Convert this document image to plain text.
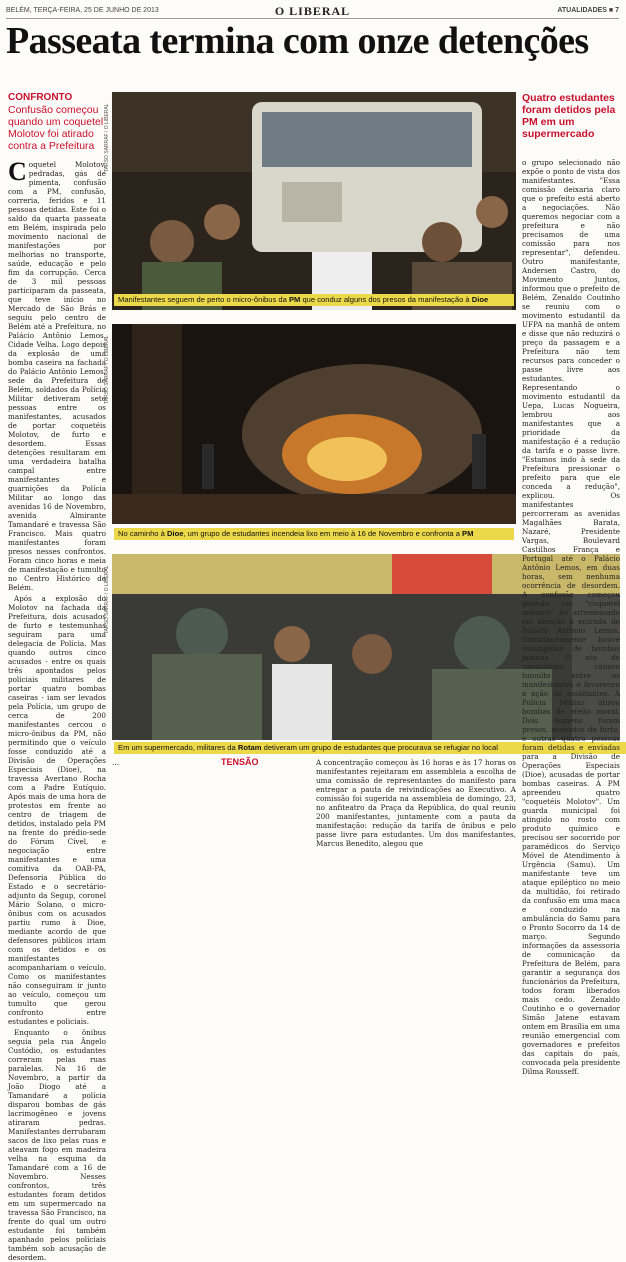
BELÉM, TERÇA-FEIRA, 25 DE JUNHO DE 2013	O LIBERAL	ATUALIDADES ■ 7
Passeata termina com onze detenções
CONFRONTO
Confusão começou quando um coquetel Molotov foi atirado contra a Prefeitura

Coquetel Molotov, pedradas, gás de pimenta, confusão com a PM, confusão, correria, feridos e 11 pessoas detidas. Este foi o saldo da quarta passeata em Belém, inspirada pelo movimento nacional de manifestações por melhorias no transporte, saúde, educação e pelo fim da corrupção. Cerca de 3 mil pessoas participaram da passeata, que teve início no Mercado de São Brás e seguiu pelo centro de Belém até a Prefeitura, no Palácio Antônio Lemos, Cidade Velha. Logo depois da explosão de uma bomba caseira na fachada do Palácio Antônio Lemos, sede da Prefeitura de Belém, soldados da Polícia Militar detiveram sete pessoas entre os manifestantes, acusados de portar coquetéis Molotov, de furto e desordem. Essas detenções resultaram em uma verdadeira batalha campal entre manifestantes e guarnições da Polícia Militar ao longo das avenidas 16 de Novembro, avenida Almirante Tamandaré e travessa São Francisco. Mais quatro manifestantes foram presos nesses confrontos. Foram cinco horas e meia de manifestação e tumulto no Centro Histórico de Belém.

Após a explosão do Molotov na fachada da Prefeitura, dois acusados de furto e testemunhas seguiram para uma delegacia de Polícia. Mas quando outros cinco acusados - entre os quais três apontados pelos policiais militares de portar quatro bombas caseiras - iam ser levados pela Polícia, um grupo de cerca de 200 manifestantes cercou o micro-ônibus da PM, não permitindo que o veículo fosse conduzido até a Divisão de Operações Especiais (Dioe), na travessa Avertano Rocha com a Padre Eutíquio. Após mais de uma hora de protestos em frente ao centro de triagem de detidos, instalado pela PM na frente do prédio-sede do Fórum Cível, e negociação entre manifestantes e uma comitiva da OAB-PA, Defensoria Pública do Estado e o secretário-adjunto da Segup, coronel Mário Solano, o micro-ônibus com os acusados partiu rumo à Dioe, mediante acordo de que defensores públicos iriam com os detidos e os manifestantes acompanhariam o veículo. Como os manifestantes não conseguiram ir junto ao veículo, começou um tumulto que gerou confronto entre estudantes e policiais.

Enquanto o ônibus seguia pela rua Ângelo Custódio, os estudantes correram pelas ruas paralelas. Na 16 de Novembro, a partir da João Diogo até a Tamandaré a polícia disparou bombas de gás lacrimogêneo e jovens atiraram pedras. Manifestantes derrubaram sacos de lixo pelas ruas e ateavam fogo em madeira velha na esquina da Tamandaré com a 16 de Novembro. Nesses confrontos, três estudantes foram detidos em um supermercado na travessa São Francisco, na frente do qual um outro estudante foi também apanhado pelos policiais também sob acusação de desordem.

TARSO SARRAF / O LIBERAL
Manifestantes seguem de perto o micro-ônibus da PM que conduz alguns dos presos da manifestação à Dioe
TARSO SARRAF / O LIBERAL
No caminho à Dioe, um grupo de estudantes incendeia lixo em meio à 16 de Novembro e confronta a PM
TARSO SARRAF / O LIBERAL
Em um supermercado, militares da Rotam detiveram um grupo de estudantes que procurava se refugiar no local

…	TENSÃO	A concentração começou às 16 horas e às 17 horas os manifestantes rejeitaram em assembleia a escolha de uma comissão de representantes do manifesto para entregar a pauta de reivindicações ao Executivo. A comissão foi sugerida na assembleia de domingo, 23, no anfiteatro da Praça da República, do qual reuniu 200 manifestantes, juntamente com a pauta da manifestação: redução da tarifa de ônibus e pelo passe livre para estudantes. Um dos manifestantes, Marcus Benedito, alegou que
Quatro estudantes foram detidos pela PM em um supermercado
o grupo selecionado não expõe o ponto de vista dos manifestantes. "Essa comissão deixaria claro que o prefeito está aberto a negociações. Não queremos negociar com a prefeitura e não precisamos de uma comissão para nos representar", defendeu. Outro manifestante, Andersen Castro, do Movimento Juntos, informou que o prefeito de Belém, Zenaldo Coutinho se reuniu com o movimento estudantil da UFPA na manhã de ontem e disse que não reduzirá o preço da passagem e a Prefeitura não tem recursos para conceder o passe livre aos estudantes. Representando o movimento estudantil da Uepa, Lucas Nogueira, lembrou aos manifestantes que a prioridade da manifestação é a redução da tarifa e o passe livre. "Estamos indo à sede da Prefeitura pressionar o prefeito para que ele conceda a redução", explicou. Os manifestantes percorreram as avenidas Magalhães Barata, Nazaré, Presidente Vargas, Boulevard Castilhos França e Portugal até o Palácio Antônio Lemos, em duas horas, sem nenhuma ocorrência de desordem. A confusão começou quando um "coquetel molotov" foi arremessado em direção à entrada do Palácio Antônio Lemos. Simultaneamente houve estampidos de bombas juninas. O ato de vandalismo causou tumulto entre os manifestantes e favoreceu a ação de assaltantes. A Polícia Militar atirou bombas de efeito moral. Dois homens foram presos, acusados de furto, e outras quatro pessoas foram detidas e enviadas para a Divisão de Operações Especiais (Dioe), acusadas de portar bombas caseiras. A PM apreendeu quatro "coquetéis Molotov". Um guarda municipal foi atingido no rosto com produto químico e precisou ser socorrido por paramédicos do Serviço Móvel de Atendimento à Urgência (Samu). Um manifestante teve um ataque epiléptico no meio da multidão, foi retirado da confusão em uma maca e conduzido na ambulância do Samu para o Pronto Socorro da 14 de março. Segundo informações da assessoria de comunicação da Prefeitura de Belém, para garantir a segurança dos funcionários da Prefeitura, todos foram liberados mais cedo. Zenaldo Coutinho e o governador Simão Jatene estavam ontem em Brasília em uma reunião emergencial com governadores e prefeitos das capitais do país, convocada pela presidente Dilma Rousseff.
